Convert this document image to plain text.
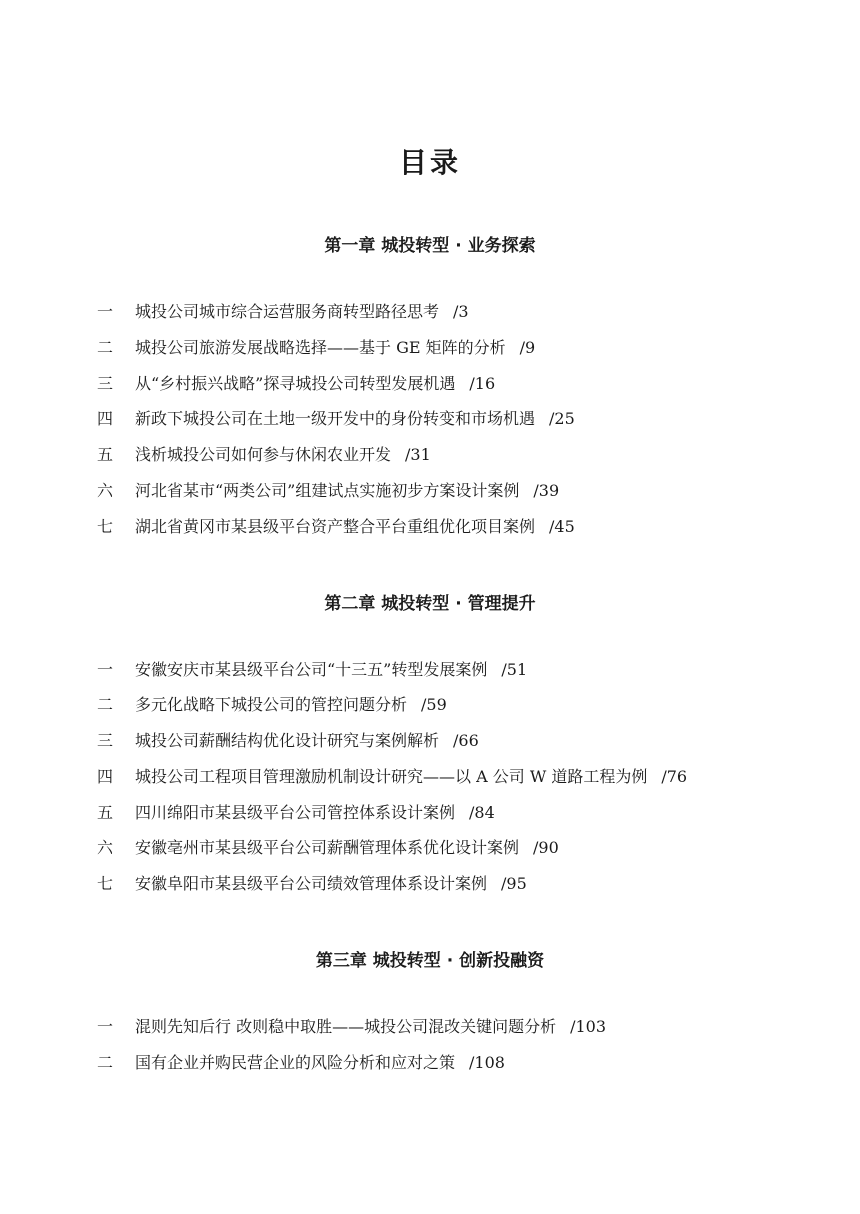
目录
第一章 城投转型 · 业务探索
一 城投公司城市综合运营服务商转型路径思考 /3
二 城投公司旅游发展战略选择——基于 GE 矩阵的分析 /9
三 从“乡村振兴战略”探寻城投公司转型发展机遇 /16
四 新政下城投公司在土地一级开发中的身份转变和市场机遇 /25
五 浅析城投公司如何参与休闲农业开发 /31
六 河北省某市“两类公司”组建试点实施初步方案设计案例 /39
七 湖北省黄冈市某县级平台资产整合平台重组优化项目案例 /45
第二章 城投转型 · 管理提升
一 安徽安庆市某县级平台公司“十三五”转型发展案例 /51
二 多元化战略下城投公司的管控问题分析 /59
三 城投公司薪酬结构优化设计研究与案例解析 /66
四 城投公司工程项目管理激励机制设计研究——以 A 公司 W 道路工程为例 /76
五 四川绵阳市某县级平台公司管控体系设计案例 /84
六 安徽亳州市某县级平台公司薪酬管理体系优化设计案例 /90
七 安徽阜阳市某县级平台公司绩效管理体系设计案例 /95
第三章 城投转型 · 创新投融资
一 混则先知后行 改则稳中取胜——城投公司混改关键问题分析 /103
二 国有企业并购民营企业的风险分析和应对之策 /108
